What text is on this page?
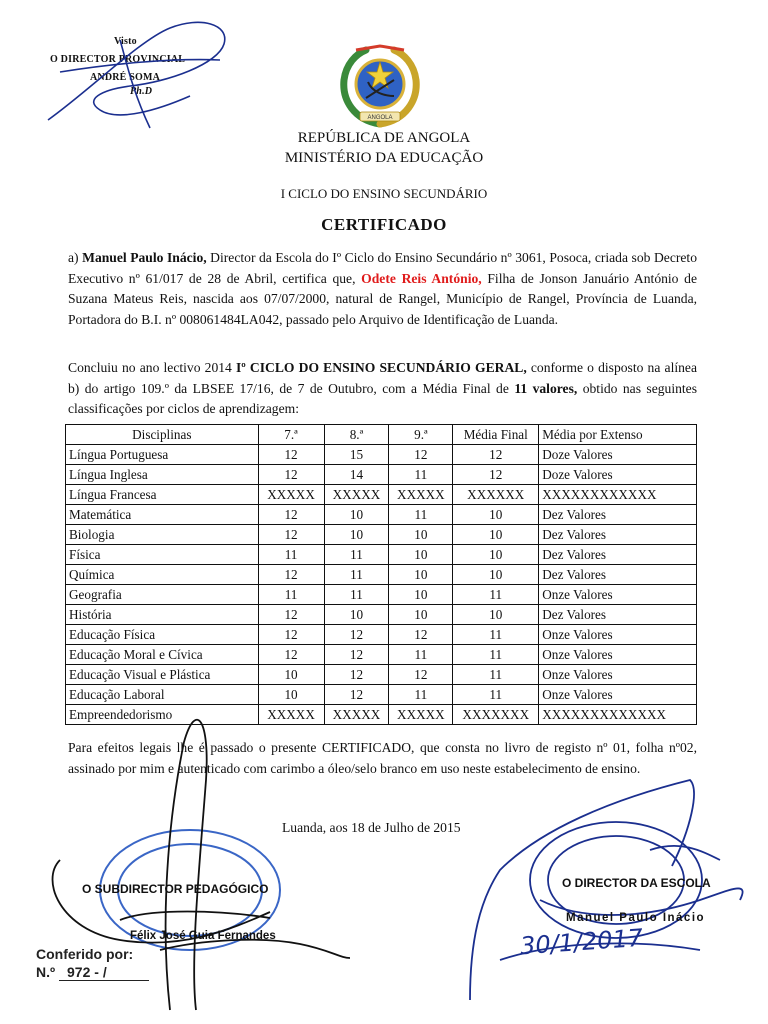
Visto
O DIRECTOR PROVINCIAL
ANDRÉ SOMA
Ph.D
ANGOLA
REPÚBLICA DE ANGOLA
MINISTÉRIO DA EDUCAÇÃO
I CICLO DO ENSINO SECUNDÁRIO
CERTIFICADO
a) Manuel Paulo Inácio, Director da Escola do Iº Ciclo do Ensino Secundário nº 3061, Posoca, criada sob Decreto Executivo nº 61/017 de 28 de Abril, certifica que, Odete Reis António, Filha de Jonson Januário António de Suzana Mateus Reis, nascida aos 07/07/2000, natural de Rangel, Município de Rangel, Província de Luanda, Portadora do B.I. nº 008061484LA042, passado pelo Arquivo de Identificação de Luanda.
Concluiu no ano lectivo 2014 Iº CICLO DO ENSINO SECUNDÁRIO GERAL, conforme o disposto na alínea b) do artigo 109.º da LBSEE 17/16, de 7 de Outubro, com a Média Final de 11 valores, obtido nas seguintes classificações por ciclos de aprendizagem:
Disciplinas	7.ª	8.ª	9.ª	Média Final	Média por Extenso
Língua Portuguesa	12	15	12	12	Doze Valores
Língua Inglesa	12	14	11	12	Doze Valores
Língua Francesa	XXXXX	XXXXX	XXXXX	XXXXXX	XXXXXXXXXXXX
Matemática	12	10	11	10	Dez Valores
Biologia	12	10	10	10	Dez Valores
Física	11	11	10	10	Dez Valores
Química	12	11	10	10	Dez Valores
Geografia	11	11	10	11	Onze Valores
História	12	10	10	10	Dez Valores
Educação Física	12	12	12	11	Onze Valores
Educação Moral e Cívica	12	12	11	11	Onze Valores
Educação Visual e Plástica	10	12	12	11	Onze Valores
Educação Laboral	10	12	11	11	Onze Valores
Empreendedorismo	XXXXX	XXXXX	XXXXX	XXXXXXX	XXXXXXXXXXXXX
Para efeitos legais lhe é passado o presente CERTIFICADO, que consta no livro de registo nº 01, folha nº02, assinado por mim e autenticado com carimbo a óleo/selo branco em uso neste estabelecimento de ensino.
Luanda, aos 18 de Julho de 2015
O SUBDIRECTOR PEDAGÓGICO
Félix José Guia Fernandes
Conferido por:
N.º 972 - /
O DIRECTOR DA ESCOLA
Manuel Paulo Inácio
30/1/2017
